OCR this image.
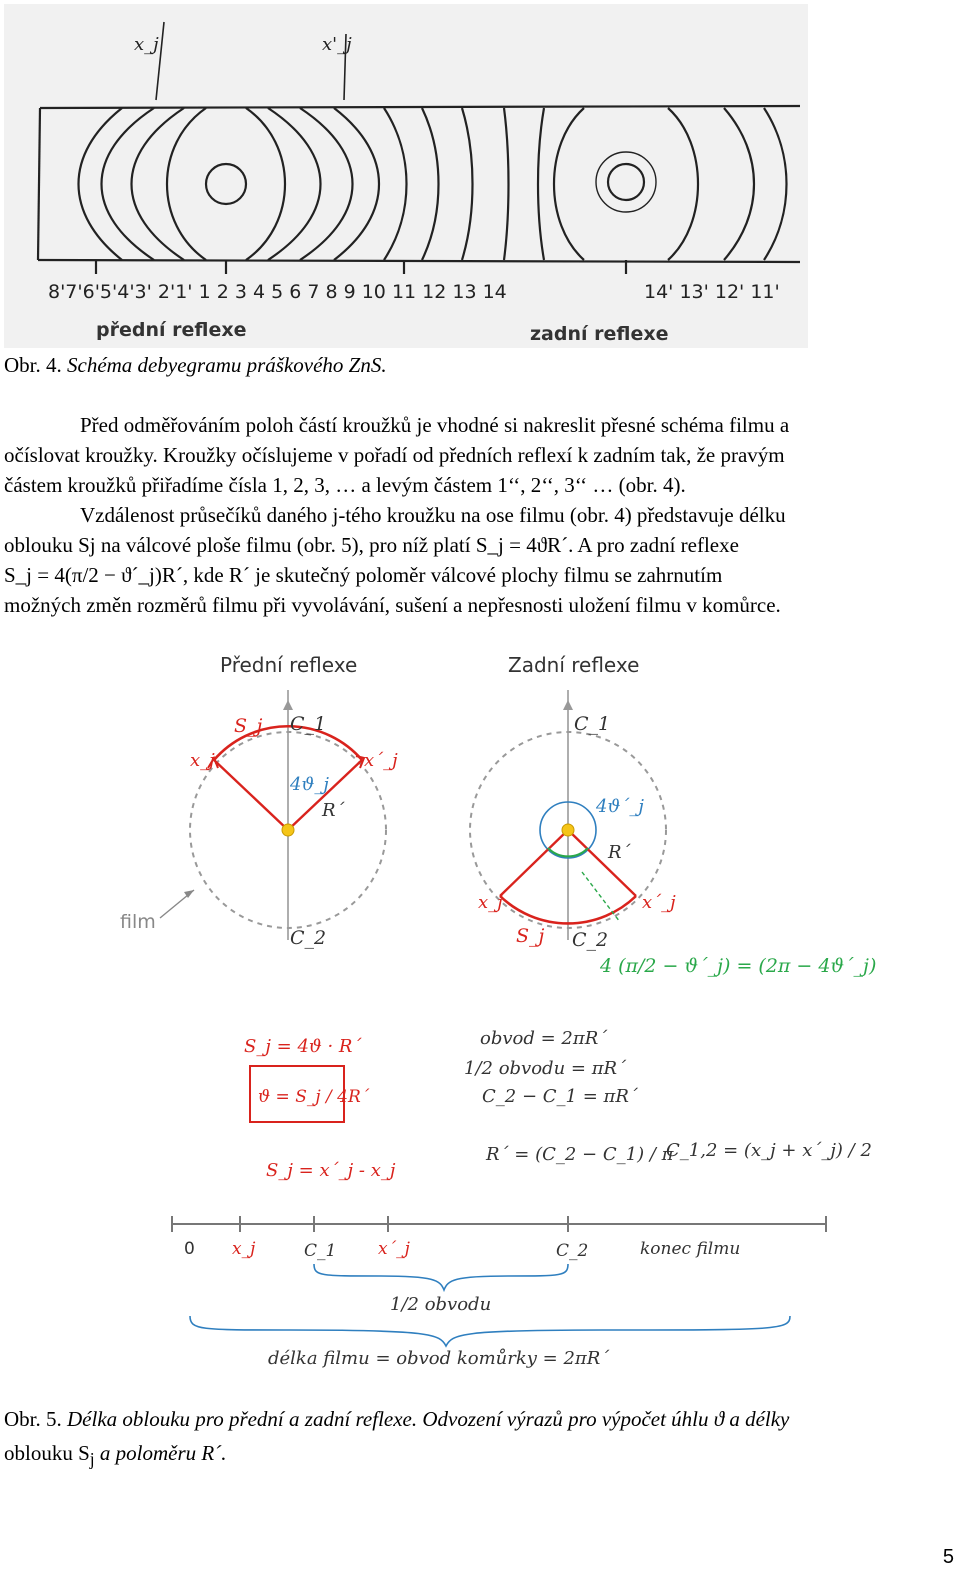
x_j	x'_j
8'7'6'5'4'3' 2'1' 1 2 3 4 5 6 7 8 9 10 11 12 13 14	14' 13' 12' 11'
přední reflexe	zadní reflexe
Obr. 4. Schéma debyegramu práškového ZnS.
Před odměřováním poloh částí kroužků je vhodné si nakreslit přesné schéma filmu a
očíslovat kroužky. Kroužky očíslujeme v pořadí od předních reflexí k zadním tak, že pravým
částem kroužků přiřadíme čísla 1, 2, 3, … a levým částem 1‘‘, 2‘‘, 3‘‘ … (obr. 4).
Vzdálenost průsečíků daného j-tého kroužku na ose filmu (obr. 4) představuje délku
oblouku Sj na válcové ploše filmu (obr. 5), pro níž platí S_j = 4ϑR´. A pro zadní reflexe
S_j = 4(π/2 − ϑ´_j)R´, kde R´ je skutečný poloměr válcové plochy filmu se zahrnutím
možných změn rozměrů filmu při vyvolávání, sušení a nepřesnosti uložení filmu v komůrce.
Přední reflexe	Zadní reflexe
S_j C_1
x_j	x´_j
4ϑ_j
R´
C_2
film
C_1
4ϑ´_j
R´
x_j	x´_j
S_j C_2
4 (π/2 − ϑ´_j) = (2π − 4ϑ´_j)
S_j = 4ϑ · R´
ϑ = S_j / 4R´
S_j = x´_j - x_j
obvod = 2πR´
1/2 obvodu = πR´
C_2 − C_1 = πR´
R´ = (C_2 − C_1) / π
C_1,2 = (x_j + x´_j) / 2
0 x_j	C_1 x´_j	C_2	konec filmu
1/2 obvodu
délka filmu = obvod komůrky = 2πR´
Obr. 5. Délka oblouku pro přední a zadní reflexe. Odvození výrazů pro výpočet úhlu ϑ a délky
oblouku $S_j$ a poloměru R´.
5
